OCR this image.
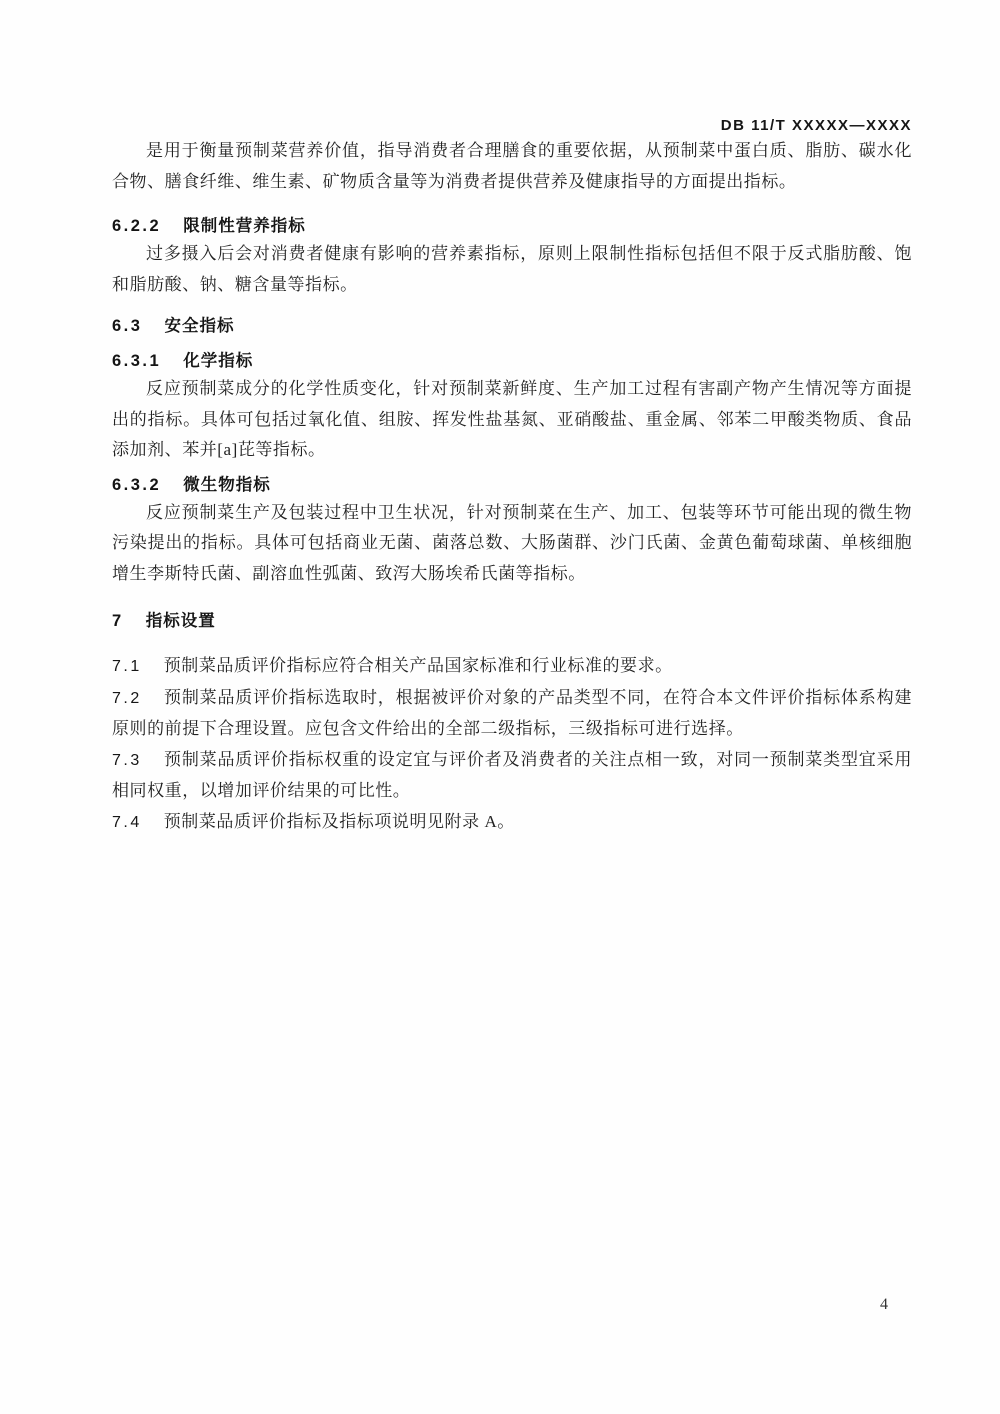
DB 11/T XXXXX—XXXX

是用于衡量预制菜营养价值，指导消费者合理膳食的重要依据，从预制菜中蛋白质、脂肪、碳水化合物、膳食纤维、维生素、矿物质含量等为消费者提供营养及健康指导的方面提出指标。

6.2.2 限制性营养指标

过多摄入后会对消费者健康有影响的营养素指标，原则上限制性指标包括但不限于反式脂肪酸、饱和脂肪酸、钠、糖含量等指标。

6.3 安全指标
6.3.1 化学指标

反应预制菜成分的化学性质变化，针对预制菜新鲜度、生产加工过程有害副产物产生情况等方面提出的指标。具体可包括过氧化值、组胺、挥发性盐基氮、亚硝酸盐、重金属、邻苯二甲酸类物质、食品添加剂、苯并[a]芘等指标。

6.3.2 微生物指标

反应预制菜生产及包装过程中卫生状况，针对预制菜在生产、加工、包装等环节可能出现的微生物污染提出的指标。具体可包括商业无菌、菌落总数、大肠菌群、沙门氏菌、金黄色葡萄球菌、单核细胞增生李斯特氏菌、副溶血性弧菌、致泻大肠埃希氏菌等指标。

7 指标设置

7.1 预制菜品质评价指标应符合相关产品国家标准和行业标准的要求。

7.2 预制菜品质评价指标选取时，根据被评价对象的产品类型不同，在符合本文件评价指标体系构建原则的前提下合理设置。应包含文件给出的全部二级指标，三级指标可进行选择。

7.3 预制菜品质评价指标权重的设定宜与评价者及消费者的关注点相一致，对同一预制菜类型宜采用相同权重，以增加评价结果的可比性。

7.4 预制菜品质评价指标及指标项说明见附录 A。

4
